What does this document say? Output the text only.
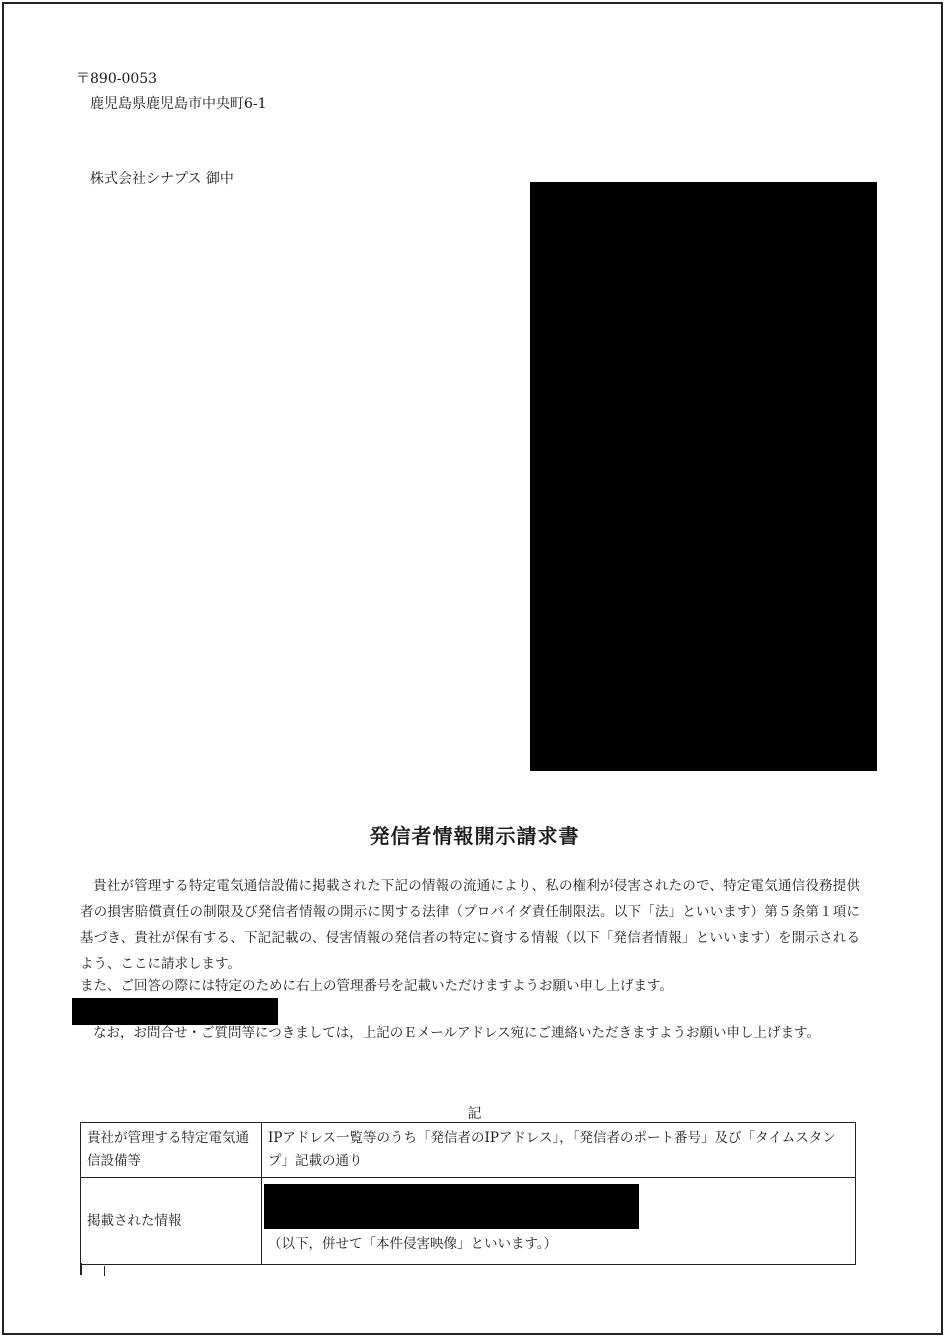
〒890-0053
鹿児島県鹿児島市中央町6-1
株式会社シナプス 御中
発信者情報開示請求書
貴社が管理する特定電気通信設備に掲載された下記の情報の流通により、私の権利が侵害されたので、特定電気通信役務提供者の損害賠償責任の制限及び発信者情報の開示に関する法律（プロバイダ責任制限法。以下「法」といいます）第５条第１項に基づき、貴社が保有する、下記記載の、侵害情報の発信者の特定に資する情報（以下「発信者情報」といいます）を開示されるよう、ここに請求します。
また、ご回答の際には特定のために右上の管理番号を記載いただけますようお願い申し上げます。
なお，お問合せ・ご質問等につきましては，上記のＥメールアドレス宛にご連絡いただきますようお願い申し上げます。
記
貴社が管理する特定電気通信設備等	IPアドレス一覧等のうち「発信者のIPアドレス」，「発信者のポート番号」及び「タイムスタンプ」記載の通り
掲載された情報	（以下，併せて「本件侵害映像」といいます。）
